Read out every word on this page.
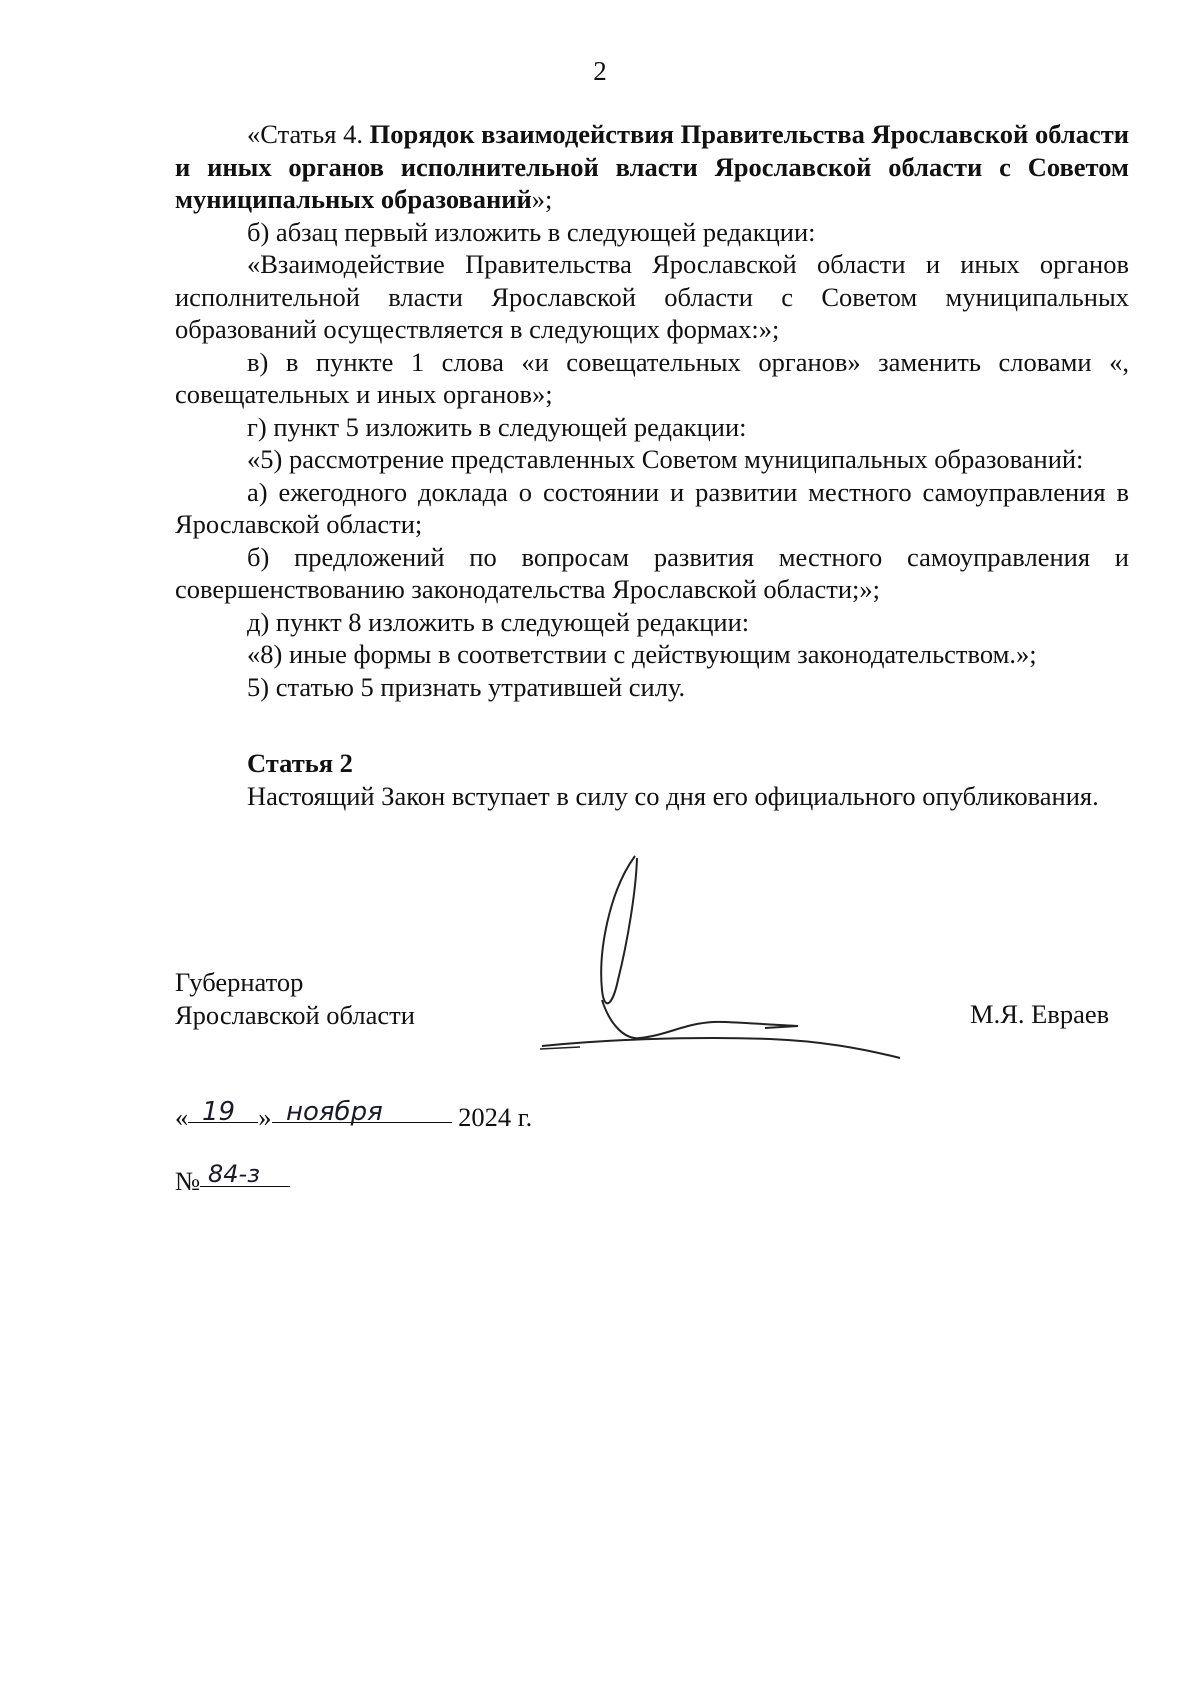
2

«Статья 4. Порядок взаимодействия Правительства Ярославской области и иных органов исполнительной власти Ярославской области с Советом муниципальных образований»;

б) абзац первый изложить в следующей редакции:

«Взаимодействие Правительства Ярославской области и иных органов исполнительной власти Ярославской области с Советом муниципальных образований осуществляется в следующих формах:»;

в) в пункте 1 слова «и совещательных органов» заменить словами «, совещательных и иных органов»;

г) пункт 5 изложить в следующей редакции:

«5) рассмотрение представленных Советом муниципальных образований:

а) ежегодного доклада о состоянии и развитии местного самоуправления в Ярославской области;

б) предложений по вопросам развития местного самоуправления и совершенствованию законодательства Ярославской области;»;

д) пункт 8 изложить в следующей редакции:

«8) иные формы в соответствии с действующим законодательством.»;

5) статью 5 признать утратившей силу.

Статья 2

Настоящий Закон вступает в силу со дня его официального опубликования.

Губернатор
Ярославской области	М.Я. Евраев
« 19 » ноября	2024 г.
№ 84-з
